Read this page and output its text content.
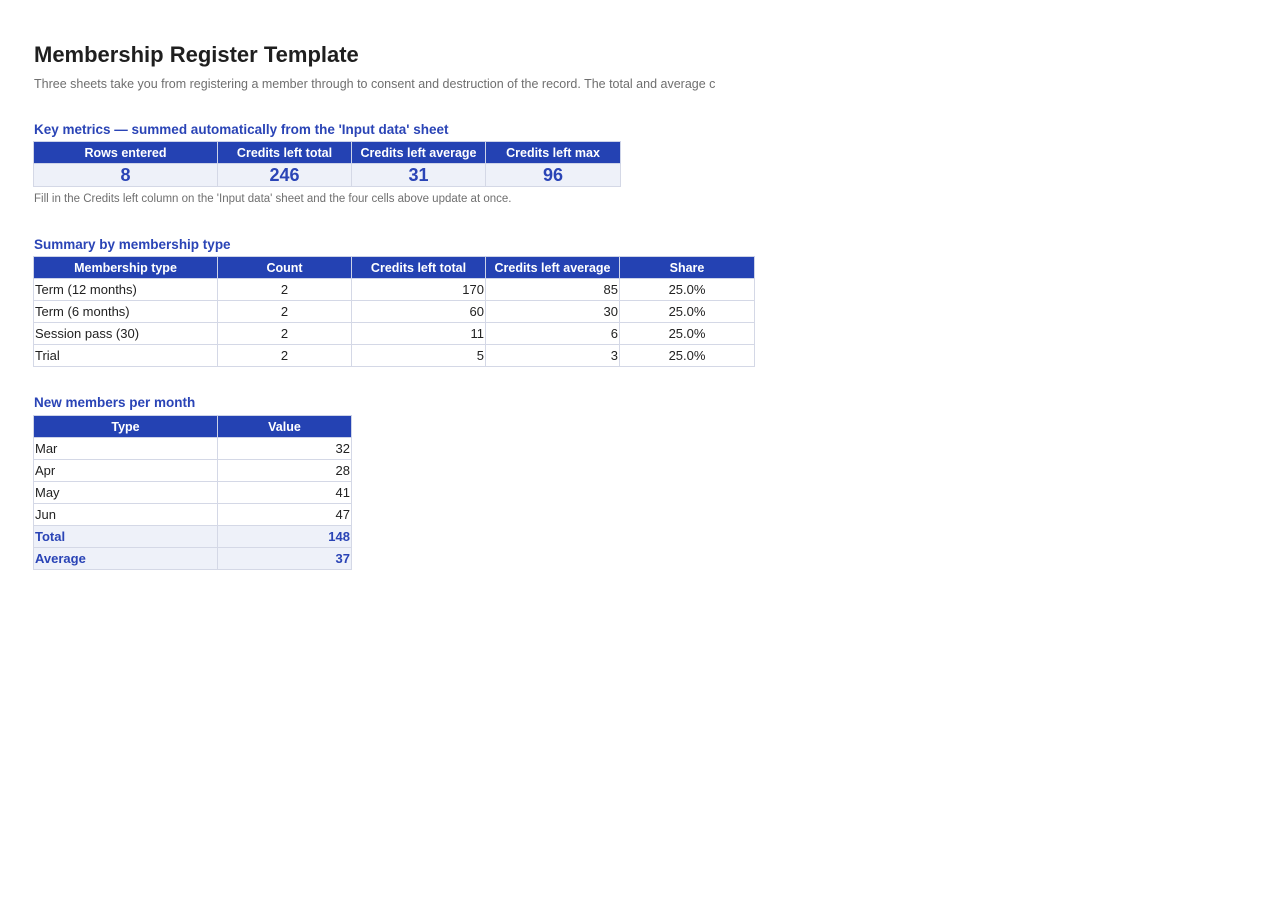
Membership Register Template
Three sheets take you from registering a member through to consent and destruction of the record. The total and average c
Key metrics — summed automatically from the 'Input data' sheet
Rows entered	Credits left total	Credits left average	Credits left max
8	246	31	96
Fill in the Credits left column on the 'Input data' sheet and the four cells above update at once.
Summary by membership type
Membership type	Count	Credits left total	Credits left average	Share
Term (12 months)	2	170	85	25.0%
Term (6 months)	2	60	30	25.0%
Session pass (30)	2	11	6	25.0%
Trial	2	5	3	25.0%
New members per month
Type	Value
Mar	32
Apr	28
May	41
Jun	47
Total	148
Average	37
